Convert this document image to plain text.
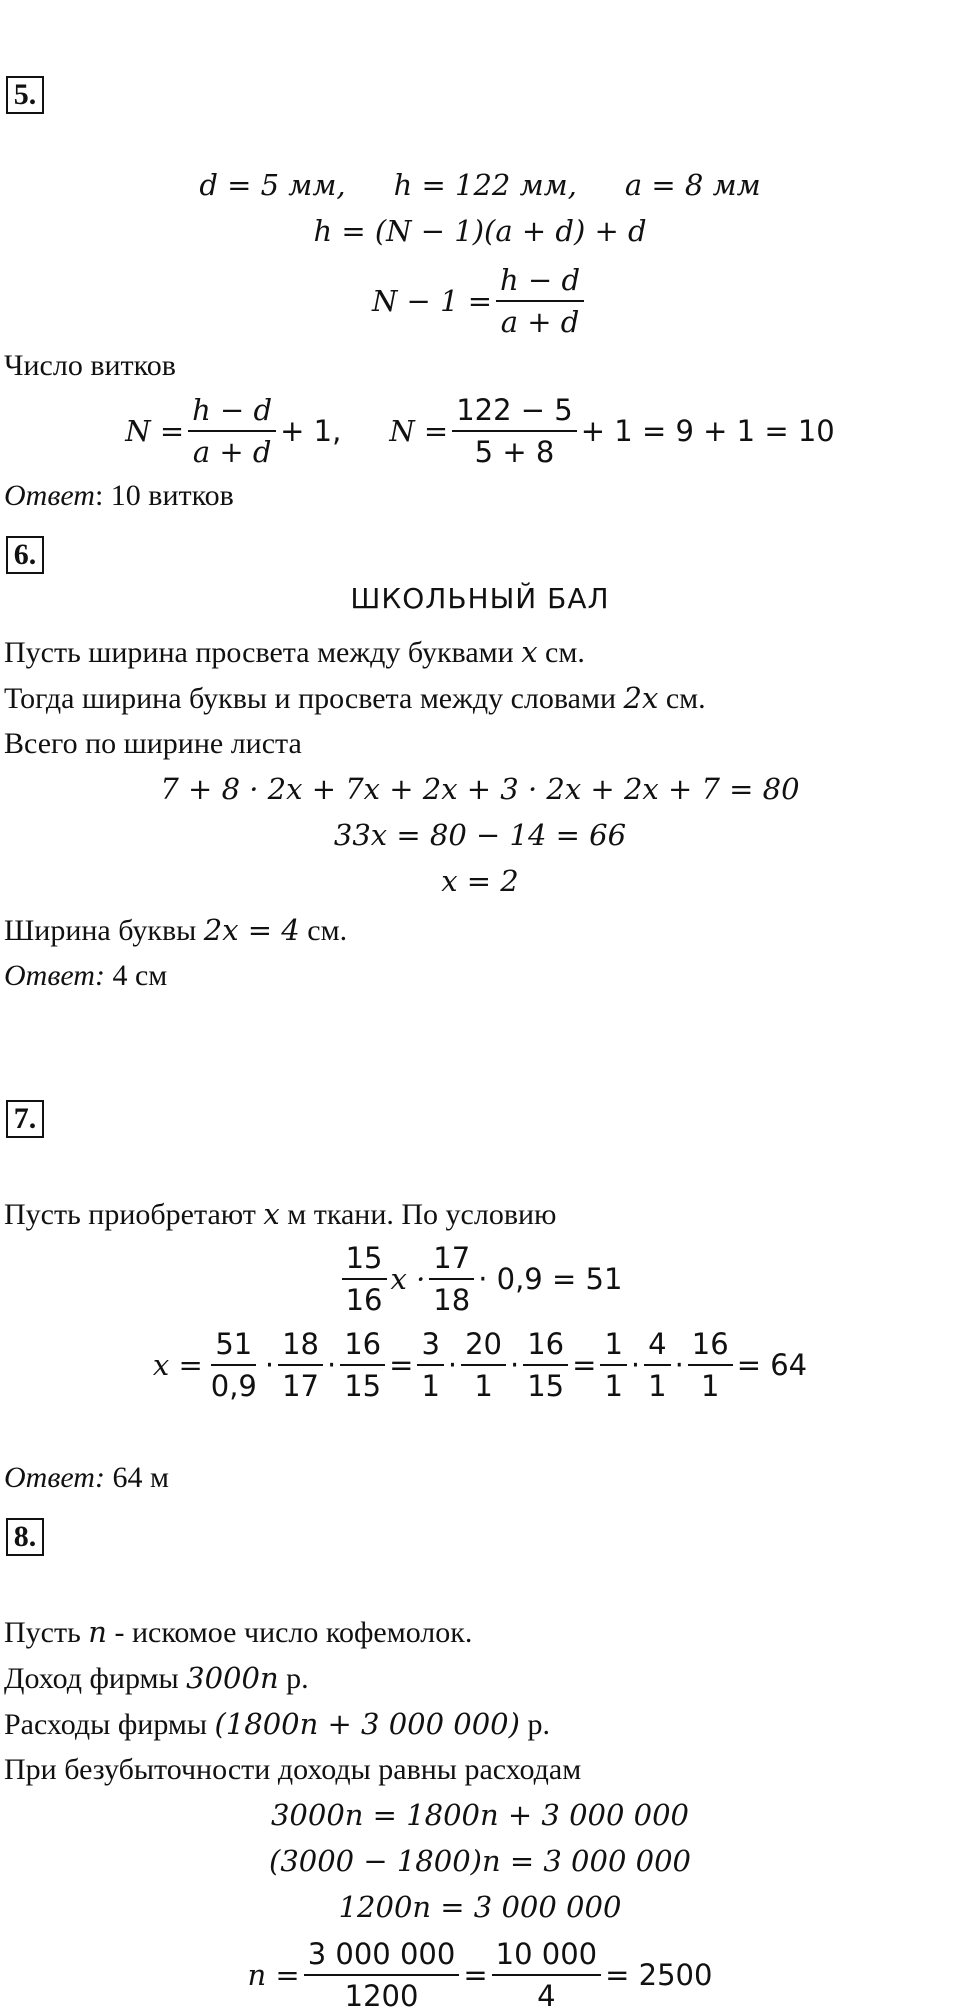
5.
d = 5 мм, h = 122 мм, a = 8 мм
h = (N − 1)(a + d) + d
$N - 1 = \frac{h - d}{a + d}$
Число витков
$N = \frac{h - d}{a + d} + 1$, $N = \frac{122 - 5}{5 + 8} + 1 = 9 + 1 = 10$
Ответ: 10 витков
6.
ШКОЛЬНЫЙ БАЛ
Пусть ширина просвета между буквами x см.
Тогда ширина буквы и просвета между словами 2x см.
Всего по ширине листа
7 + 8 · 2x + 7x + 2x + 3 · 2x + 2x + 7 = 80
33x = 80 − 14 = 66
x = 2
Ширина буквы 2x = 4 см.
Ответ: 4 см
7.
Пусть приобретают x м ткани. По условию
$\frac{15}{16}$ $x \cdot \frac{17}{18} \cdot 0,9 = 51$
$x = \frac{51}{0,9} \cdot \frac{18}{17} \cdot \frac{16}{15} = \frac{3}{1} \cdot \frac{20}{1} \cdot \frac{16}{15} = \frac{1}{1} \cdot \frac{4}{1} \cdot \frac{16}{1} = 64$
Ответ: 64 м
8.
Пусть n - искомое число кофемолок.
Доход фирмы 3000n р.
Расходы фирмы (1800n + 3 000 000) р.
При безубыточности доходы равны расходам
3000n = 1800n + 3 000 000
(3000 − 1800)n = 3 000 000
1200n = 3 000 000
$n = \frac{3 000 000}{1200} = \frac{10 000}{4} = 2500$
